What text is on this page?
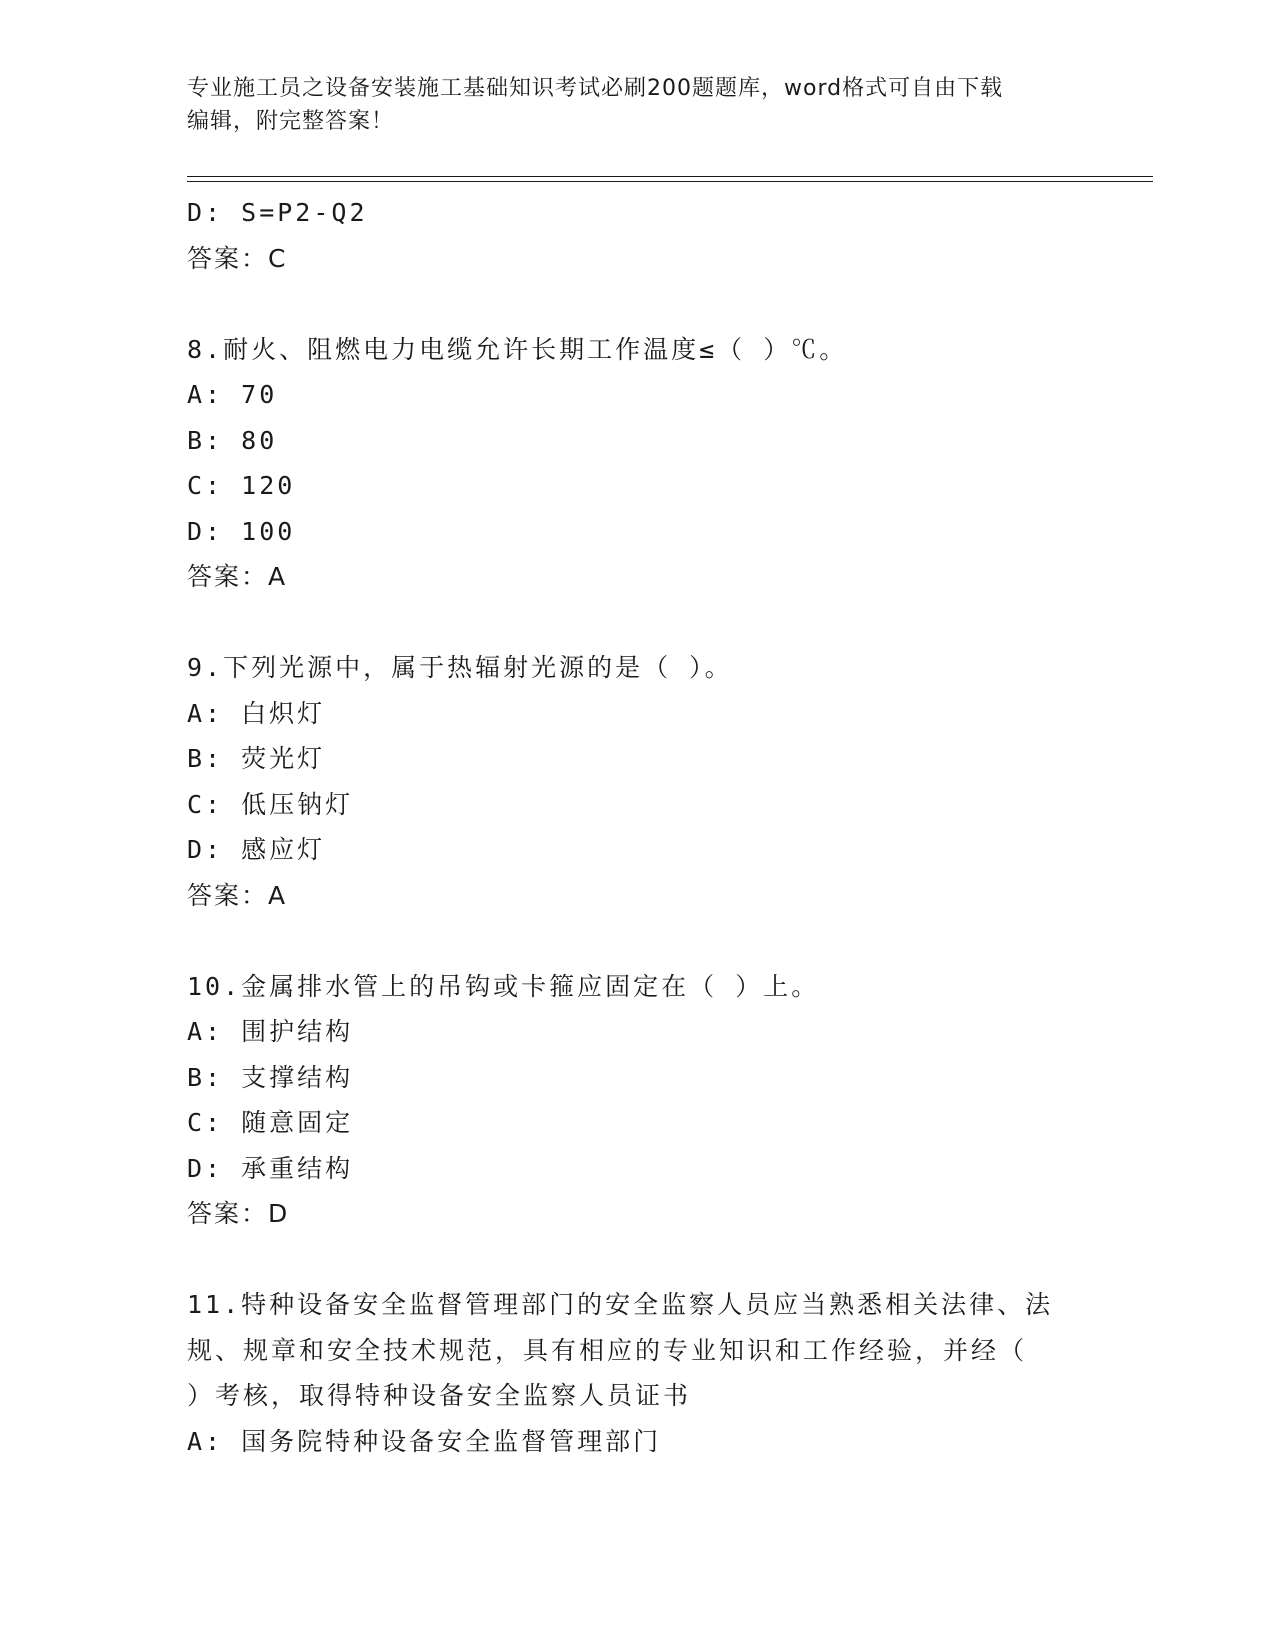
专业施工员之设备安装施工基础知识考试必刷200题题库，word格式可自由下载
编辑，附完整答案！
D: S=P2-Q2
答案：C
8.耐火、阻燃电力电缆允许长期工作温度≤（ ）℃。
A: 70
B: 80
C: 120
D: 100
答案：A
9.下列光源中，属于热辐射光源的是（ ）。
A: 白炽灯
B: 荧光灯
C: 低压钠灯
D: 感应灯
答案：A
10.金属排水管上的吊钩或卡箍应固定在（ ）上。
A: 围护结构
B: 支撑结构
C: 随意固定
D: 承重结构
答案：D
11.特种设备安全监督管理部门的安全监察人员应当熟悉相关法律、法
规、规章和安全技术规范，具有相应的专业知识和工作经验，并经（
）考核，取得特种设备安全监察人员证书
A: 国务院特种设备安全监督管理部门
